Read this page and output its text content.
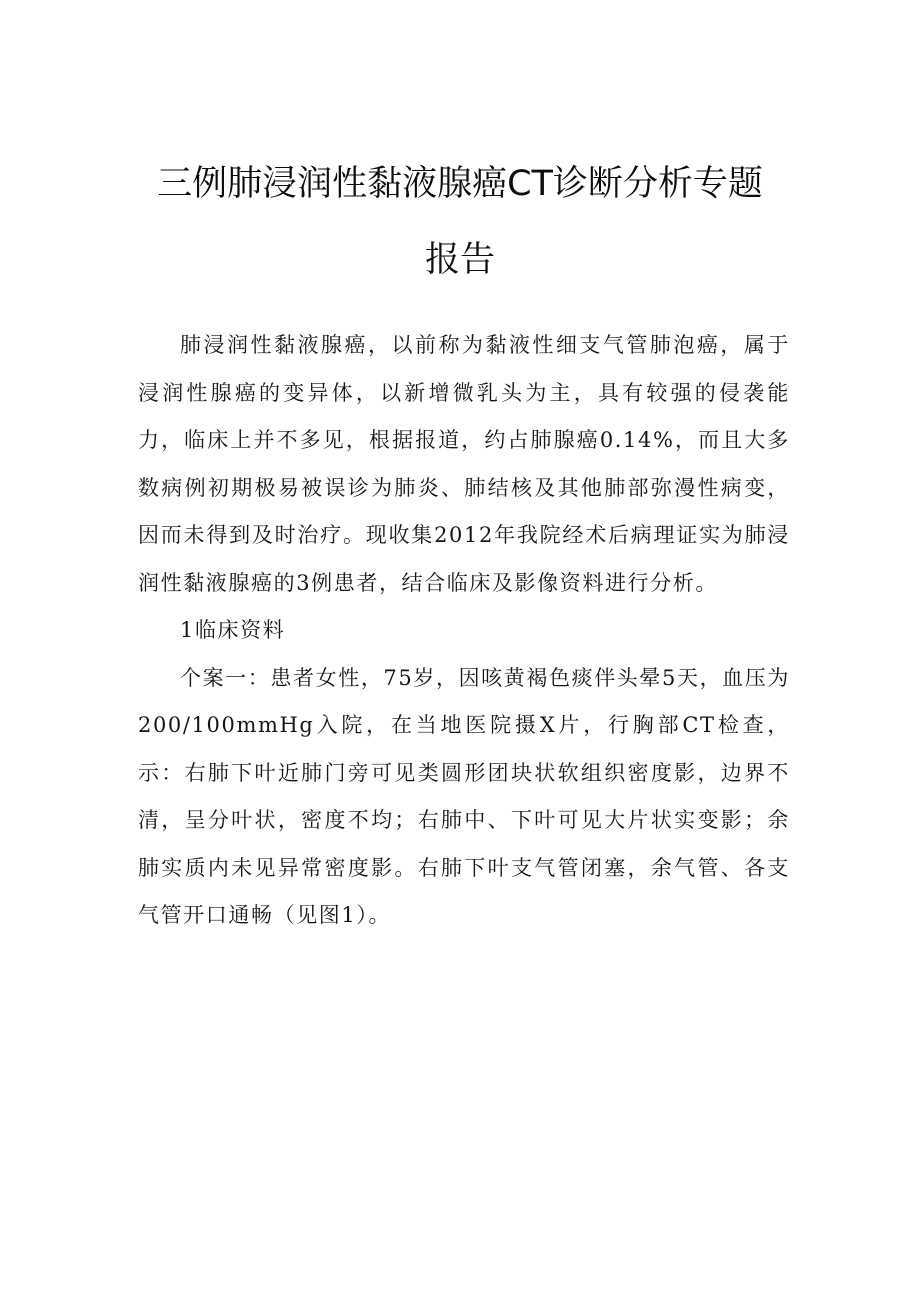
三例肺浸润性黏液腺癌CT诊断分析专题
报告

肺浸润性黏液腺癌，以前称为黏液性细支气管肺泡癌，属于浸润性腺癌的变异体，以新增微乳头为主，具有较强的侵袭能力，临床上并不多见，根据报道，约占肺腺癌0.14%，而且大多数病例初期极易被误诊为肺炎、肺结核及其他肺部弥漫性病变，因而未得到及时治疗。现收集2012年我院经术后病理证实为肺浸润性黏液腺癌的3例患者，结合临床及影像资料进行分析。

1临床资料

个案一：患者女性，75岁，因咳黄褐色痰伴头晕5天，血压为200/100mmHg入院，在当地医院摄X片，行胸部CT检查，示：右肺下叶近肺门旁可见类圆形团块状软组织密度影，边界不清，呈分叶状，密度不均；右肺中、下叶可见大片状实变影；余肺实质内未见异常密度影。右肺下叶支气管闭塞，余气管、各支气管开口通畅（见图1）。
